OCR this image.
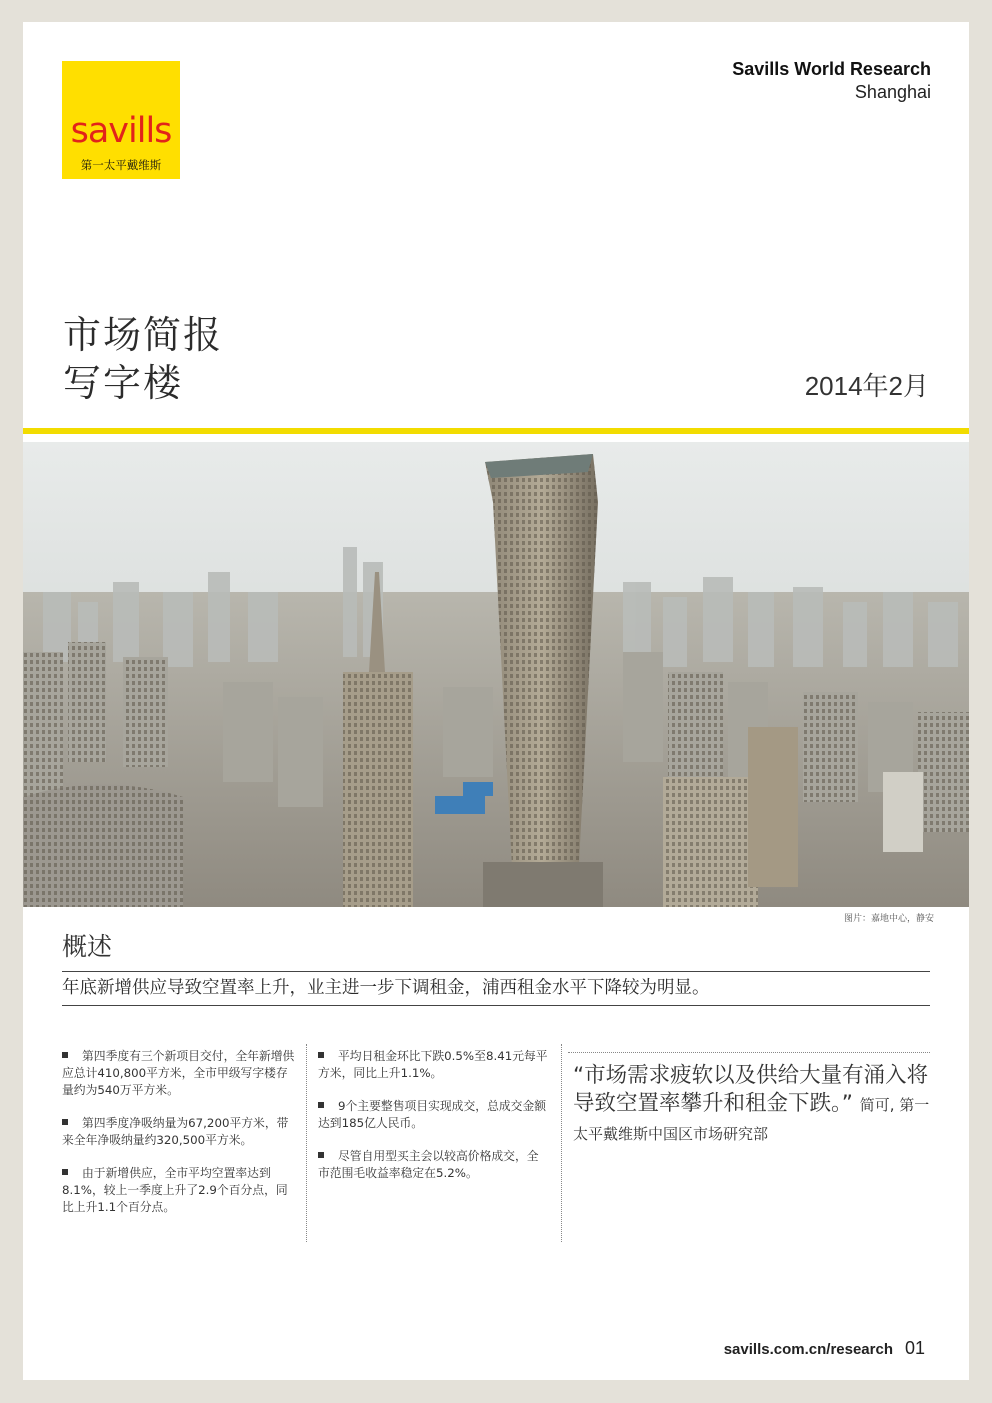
savills
第一太平戴维斯
Savills World Research
Shanghai
市场简报
写字楼	2014年2月
图片：嘉地中心，静安
概述
年底新增供应导致空置率上升，业主进一步下调租金，浦西租金水平下降较为明显。
第四季度有三个新项目交付，全年新增供应总计410,800平方米，全市甲级写字楼存量约为540万平方米。
第四季度净吸纳量为67,200平方米，带来全年净吸纳量约320,500平方米。
由于新增供应，全市平均空置率达到8.1%，较上一季度上升了2.9个百分点，同比上升1.1个百分点。
平均日租金环比下跌0.5%至8.41元每平方米，同比上升1.1%。
9个主要整售项目实现成交，总成交金额达到185亿人民币。
尽管自用型买主会以较高价格成交，全市范围毛收益率稳定在5.2%。
“市场需求疲软以及供给大量有涌入将导致空置率攀升和租金下跌。” 简可, 第一太平戴维斯中国区市场研究部
savills.com.cn/research 01
